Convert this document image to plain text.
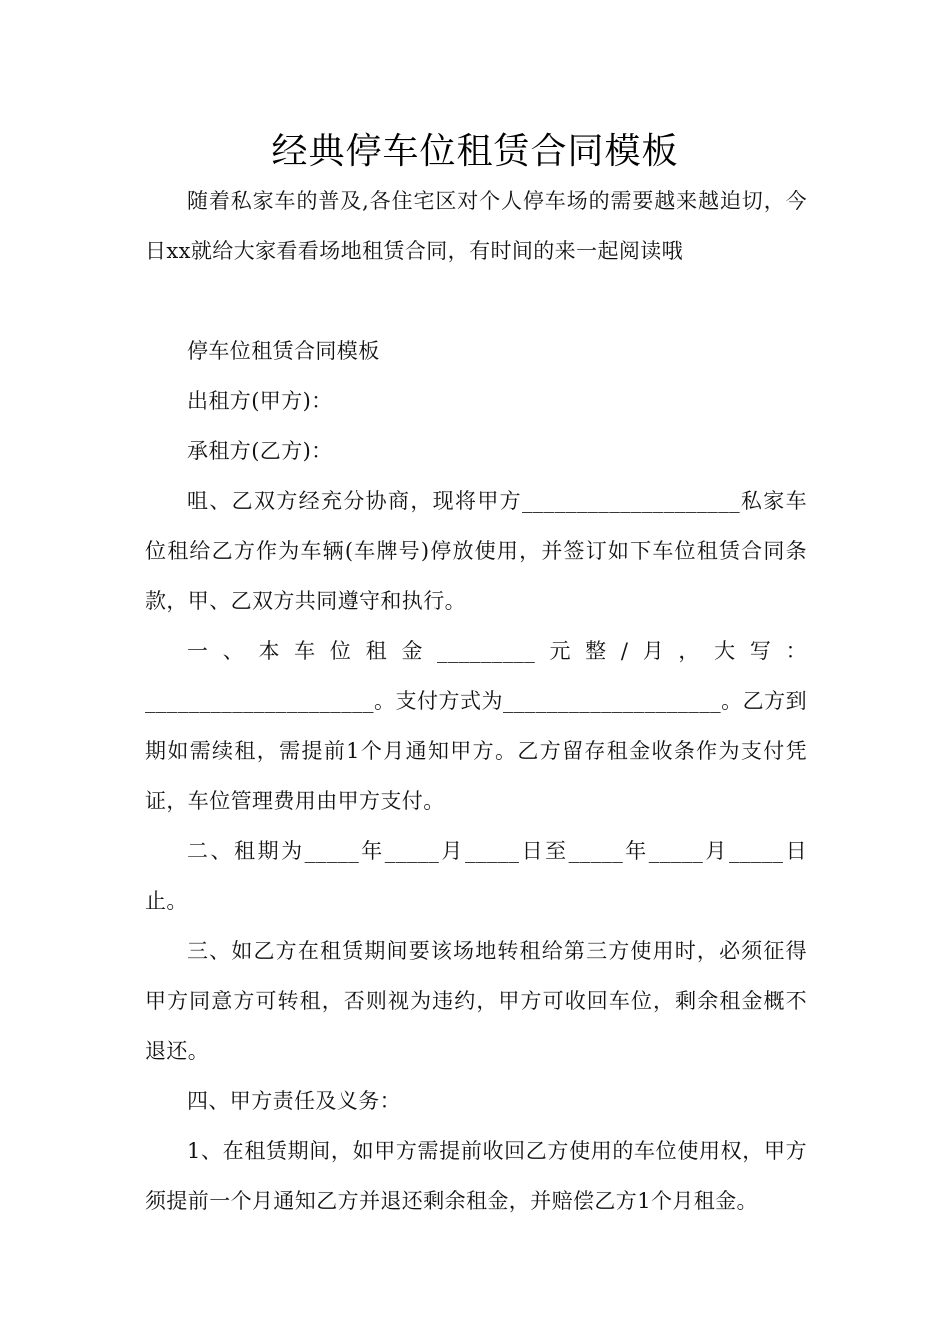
经典停车位租赁合同模板

随着私家车的普及,各住宅区对个人停车场的需要越来越迫切，今日xx就给大家看看场地租赁合同，有时间的来一起阅读哦

停车位租赁合同模板

出租方(甲方)：

承租方(乙方)：

咀、乙双方经充分协商，现将甲方____________________私家车位租给乙方作为车辆(车牌号)停放使用，并签订如下车位租赁合同条款，甲、乙双方共同遵守和执行。

一、本车位租金_________元整/月，大写：_____________________。支付方式为____________________。乙方到期如需续租，需提前1个月通知甲方。乙方留存租金收条作为支付凭证，车位管理费用由甲方支付。

二、租期为_____年_____月_____日至_____年_____月_____日止。

三、如乙方在租赁期间要该场地转租给第三方使用时，必须征得甲方同意方可转租，否则视为违约，甲方可收回车位，剩余租金概不退还。

四、甲方责任及义务：

1、在租赁期间，如甲方需提前收回乙方使用的车位使用权，甲方须提前一个月通知乙方并退还剩余租金，并赔偿乙方1个月租金。
